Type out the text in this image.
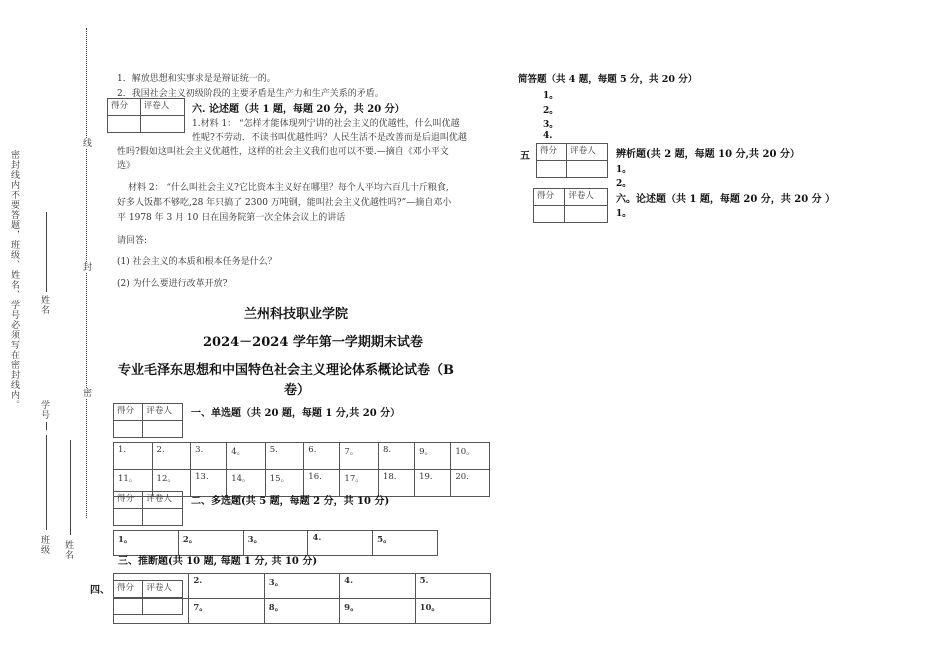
密封线内不要答题，班级、姓名、学号必须写在密封线内。 学号
姓名
班级 姓名
线
封
密
1．解放思想和实事求是是辩证统一的。
2．我国社会主义初级阶段的主要矛盾是生产力和生产关系的矛盾。
得分	评卷人
	六. 论述题（共 1 题，每题 20 分，共 20 分）
1.材料 1： “怎样才能体现列宁讲的社会主义的优越性，什么叫优越
性呢?不劳动．不读书叫优越性吗？人民生活不是改善而是后退叫优越
性吗?假如这叫社会主义优越性，这样的社会主义我们也可以不要.—摘自《邓小平文
选》
材料 2： “什么叫社会主义?它比资本主义好在哪里？每个人平均六百几十斤粮食,
好多人饭都不够吃,28 年只搞了 2300 万吨钢，能叫社会主义优越性吗?”—摘自邓小
平 1978 年 3 月 10 日在国务院第一次全体会议上的讲话
请回答:
(1) 社会主义的本质和根本任务是什么？
(2) 为什么要进行改革开放?
兰州科技职业学院
2024－2024 学年第一学期期末试卷
专业毛泽东思想和中国特色社会主义理论体系概论试卷（B
卷）
得分	评卷人
	一、单选题（共 20 题，每题 1 分,共 20 分）
1.	2.	3.	4。	5.	6.	7。	8.	9。	10。
11。	12。	13.	14。	15。	16.	17。	18.	19.	20.
得分	评卷人
	二、多选题(共 5 题，每题 2 分，共 10 分)
1。	2。	3。	4.	5。
三、推断题(共 10 题, 每题 1 分, 共 10 分)
四、 得分	评卷人

	2.	3。	4.	5.
	7。	8。	9。	10。
简答题（共 4 题，每题 5 分，共 20 分）
1。
2。
3。
4.
五 得分	评卷人
	辨析题(共 2 题，每题 10 分,共 20 分）
1。
2。
得分	评卷人
	六。论述题（共 1 题，每题 20 分，共 20 分 ）
1。
